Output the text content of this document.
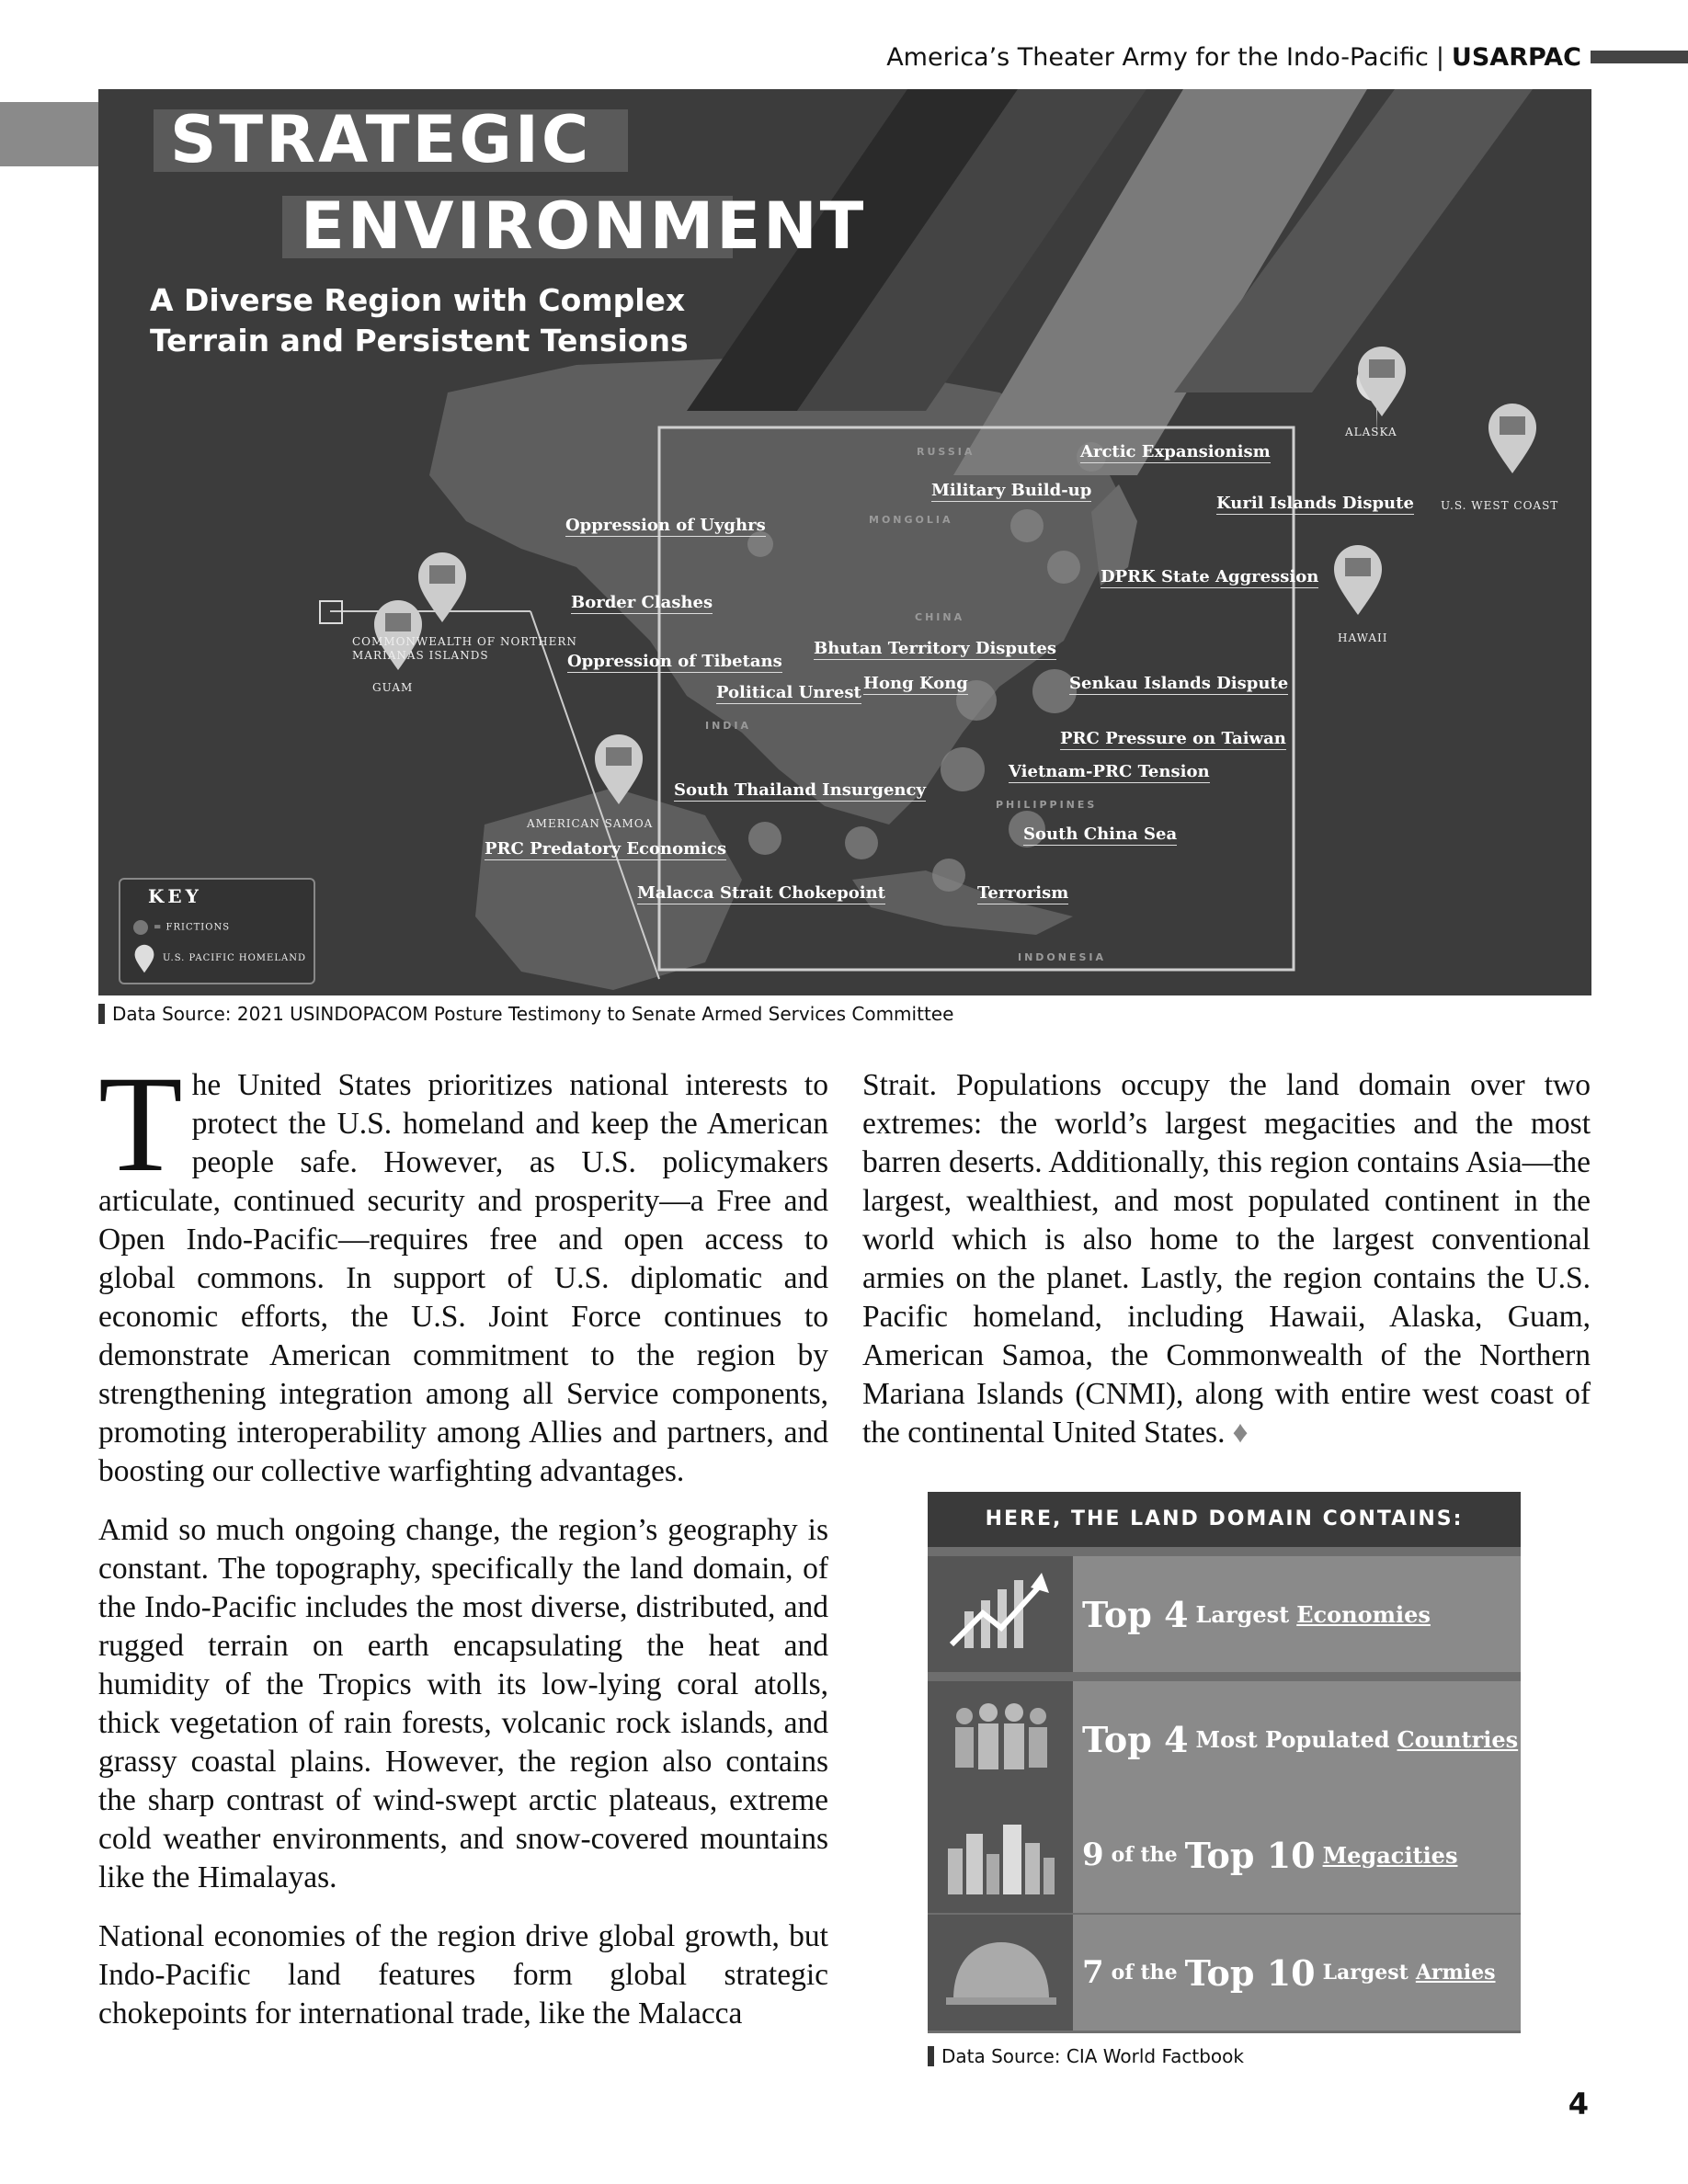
America’s Theater Army for the Indo-Pacific | USARPAC
STRATEGIC
ENVIRONMENT
A Diverse Region with Complex Terrain and Persistent Tensions
RUSSIA
MONGOLIA
CHINA
INDIA
PHILIPPINES
INDONESIA
Arctic Expansionism
Military Build-up
Kuril Islands Dispute
Oppression of Uyghrs
DPRK State Aggression
Border Clashes
Oppression of Tibetans
Bhutan Territory Disputes
Political Unrest Hong Kong	Senkau Islands Dispute
PRC Pressure on Taiwan
Vietnam-PRC Tension
South Thailand Insurgency
South China Sea
PRC Predatory Economics
Malacca Strait Chokepoint	Terrorism
ALASKA
U.S. WEST COAST
HAWAII
COMMONWEALTH OF NORTHERN MARIANAS ISLANDS
GUAM
AMERICAN SAMOA
KEY
= FRICTIONS
U.S. PACIFIC HOMELAND
Data Source: 2021 USINDOPACOM Posture Testimony to Senate Armed Services Committee

The United States prioritizes national interests to protect the U.S. homeland and keep the American people safe. However, as U.S. policymakers articulate, continued security and prosperity—a Free and Open Indo-Pacific—requires free and open access to global commons. In support of U.S. diplomatic and economic efforts, the U.S. Joint Force continues to demonstrate American commitment to the region by strengthening integration among all Service components, promoting interoperability among Allies and partners, and boosting our collective warfighting advantages.

Amid so much ongoing change, the region’s geography is constant. The topography, specifically the land domain, of the Indo-Pacific includes the most diverse, distributed, and rugged terrain on earth encapsulating the heat and humidity of the Tropics with its low-lying coral atolls, thick vegetation of rain forests, volcanic rock islands, and grassy coastal plains. However, the region also contains the sharp contrast of wind-swept arctic plateaus, extreme cold weather environments, and snow-covered mountains like the Himalayas.

National economies of the region drive global growth, but Indo-Pacific land features form global strategic chokepoints for international trade, like the Malacca

Strait. Populations occupy the land domain over two extremes: the world’s largest megacities and the most barren deserts. Additionally, this region contains Asia—the largest, wealthiest, and most populated continent in the world which is also home to the largest conventional armies on the planet. Lastly, the region contains the U.S. Pacific homeland, including Hawaii, Alaska, Guam, American Samoa, the Commonwealth of the Northern Mariana Islands (CNMI), along with entire west coast of the continental United States. ♦

HERE, THE LAND DOMAIN CONTAINS:
Top 4 Largest Economies
Top 4 Most Populated Countries
9 of the Top 10 Megacities
7 of the Top 10 Largest Armies
Data Source: CIA World Factbook
4
